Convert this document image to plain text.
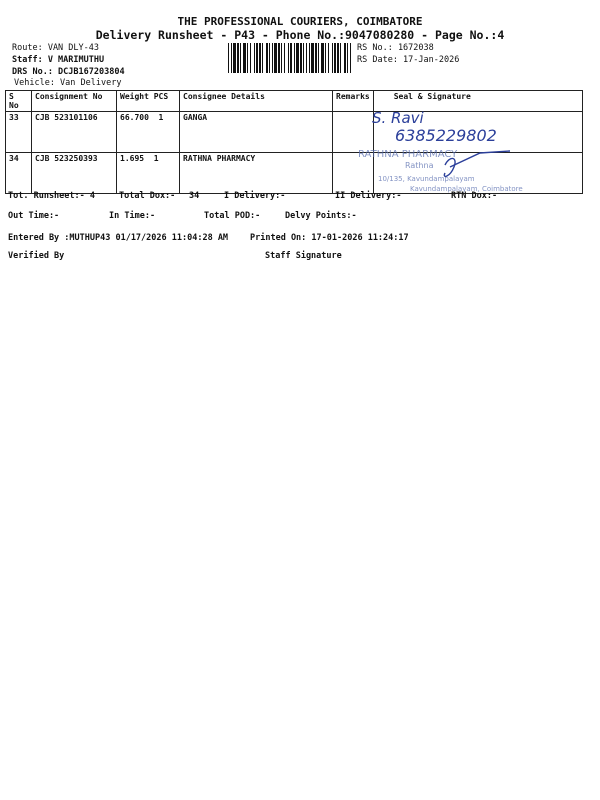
THE PROFESSIONAL COURIERS, COIMBATORE
Delivery Runsheet - P43 - Phone No.:9047080280 - Page No.:4
Route: VAN DLY-43
Staff: V MARIMUTHU
DRS No.: DCJB167203804
Vehicle: Van Delivery
RS No.: 1672038
RS Date: 17-Jan-2026
S No	Consignment No	Weight PCS	Consignee Details	Remarks	Seal & Signature
33	CJB 523101106	66.700 1	GANGA		
34	CJB 523250393	1.695 1	RATHNA PHARMACY			RATHNA PHARMACY
Rathna
10/135, Kavundampalayam
Kavundampalayam, Coimbatore
S. Ravi
6385229802
Tot. Runsheet:- 4	Total Dox:- 34	I Delivery:-	II Delivery:-	RTN Dox:-
Out Time:-	In Time:-	Total POD:-	Delvy Points:-
Entered By :MUTHUP43 01/17/2026 11:04:28 AM	Printed On: 17-01-2026 11:24:17
Verified By	Staff Signature
